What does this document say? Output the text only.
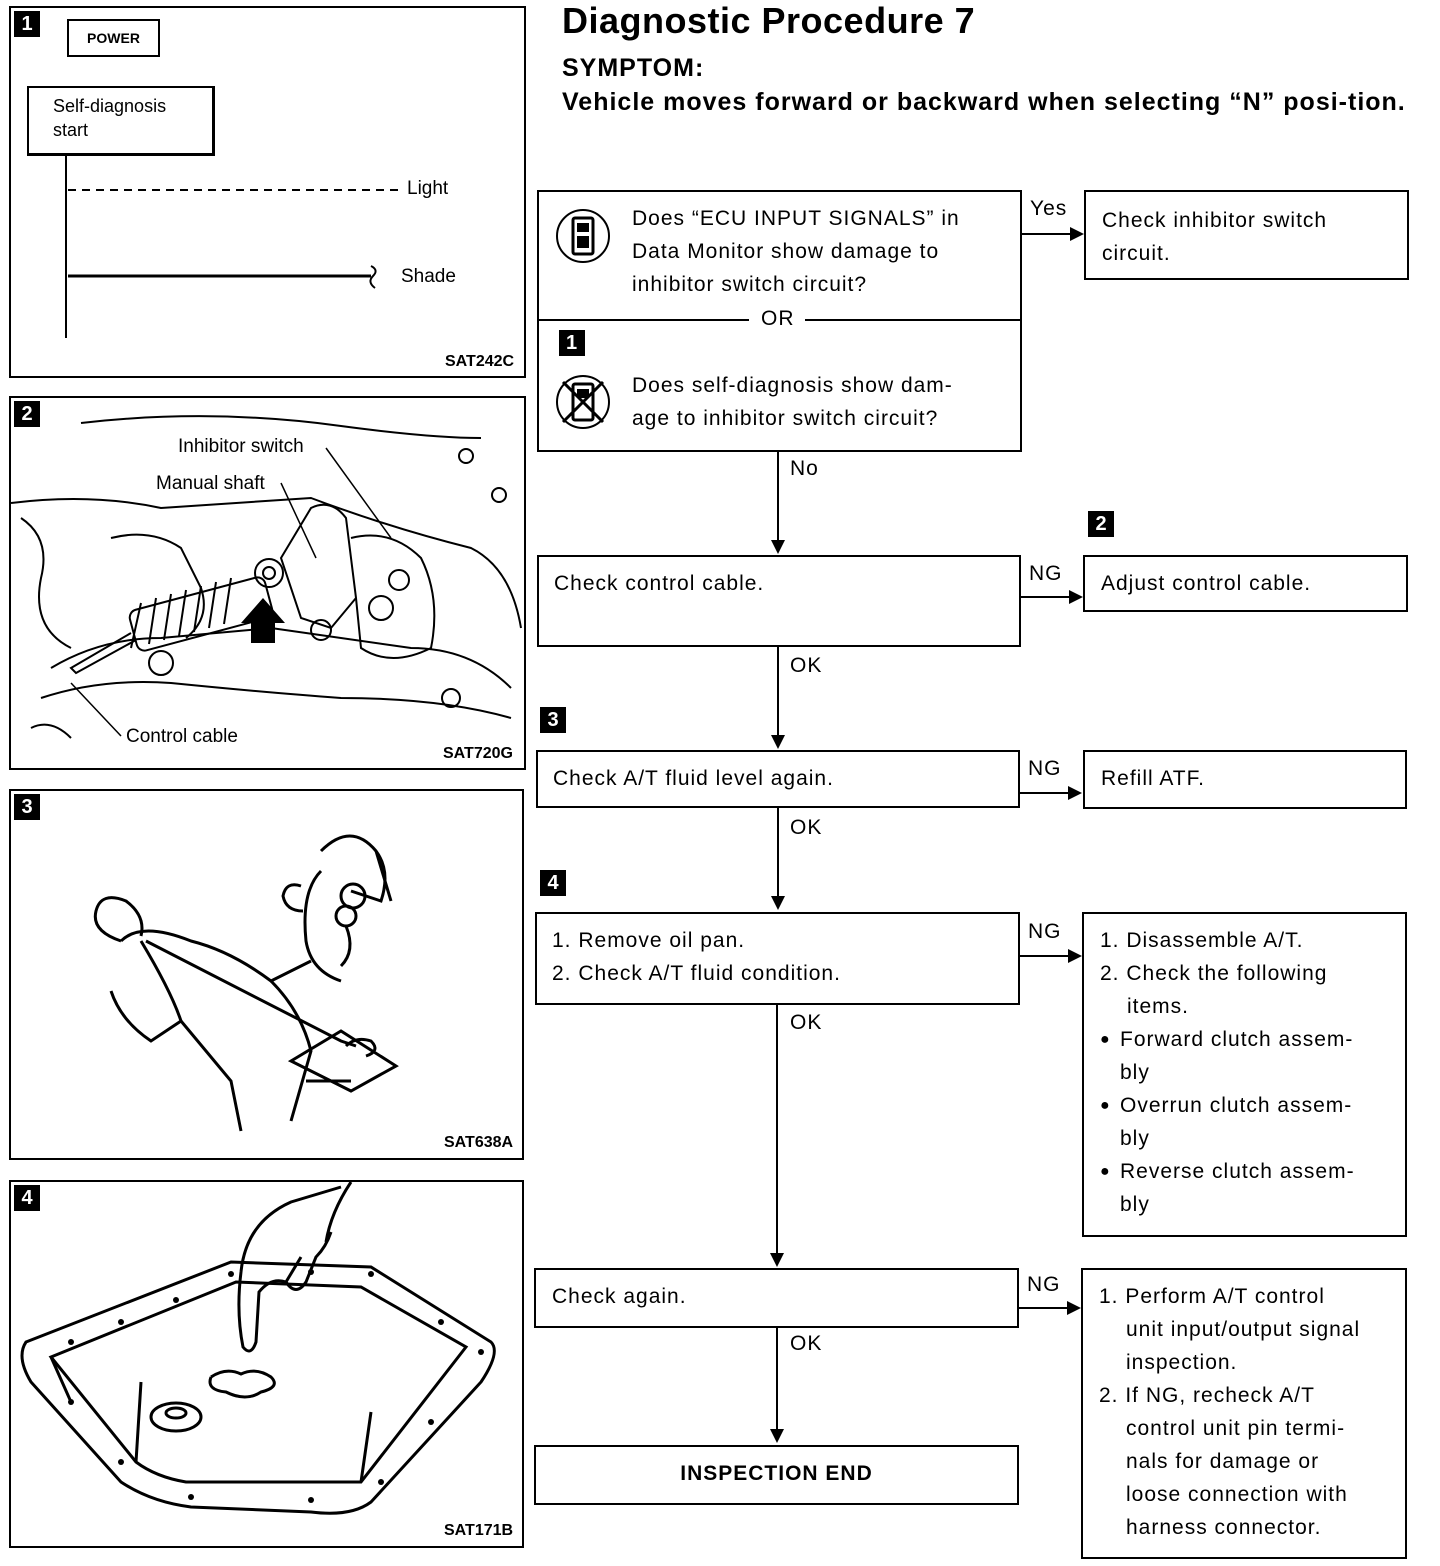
1
POWER
Self-diagnosis
start
Light
Shade
SAT242C
2
Inhibitor switch
Manual shaft
Control cable
SAT720G
3
SAT638A
4
SAT171B
Diagnostic Procedure 7
SYMPTOM:
Vehicle moves forward or backward when selecting “N” posi-tion.
Does “ECU INPUT SIGNALS” in
Data Monitor show damage to
inhibitor switch circuit?
OR
1
Does self-diagnosis show dam-
age to inhibitor switch circuit?
Yes
Check inhibitor switch
circuit.
No
2
Check control cable.	NG Adjust control cable.
OK
3
Check A/T fluid level again.	NG Refill ATF.
OK
4
1. Remove oil pan.
2. Check A/T fluid condition.
NG 1. Disassemble A/T.
2. Check the following
items.
● Forward clutch assem-
bly
● Overrun clutch assem-
bly
● Reverse clutch assem-
bly
OK
Check again.
NG
1. Perform A/T control
unit input/output signal
inspection.
2. If NG, recheck A/T
control unit pin termi-
nals for damage or
loose connection with
harness connector.
OK
INSPECTION END
